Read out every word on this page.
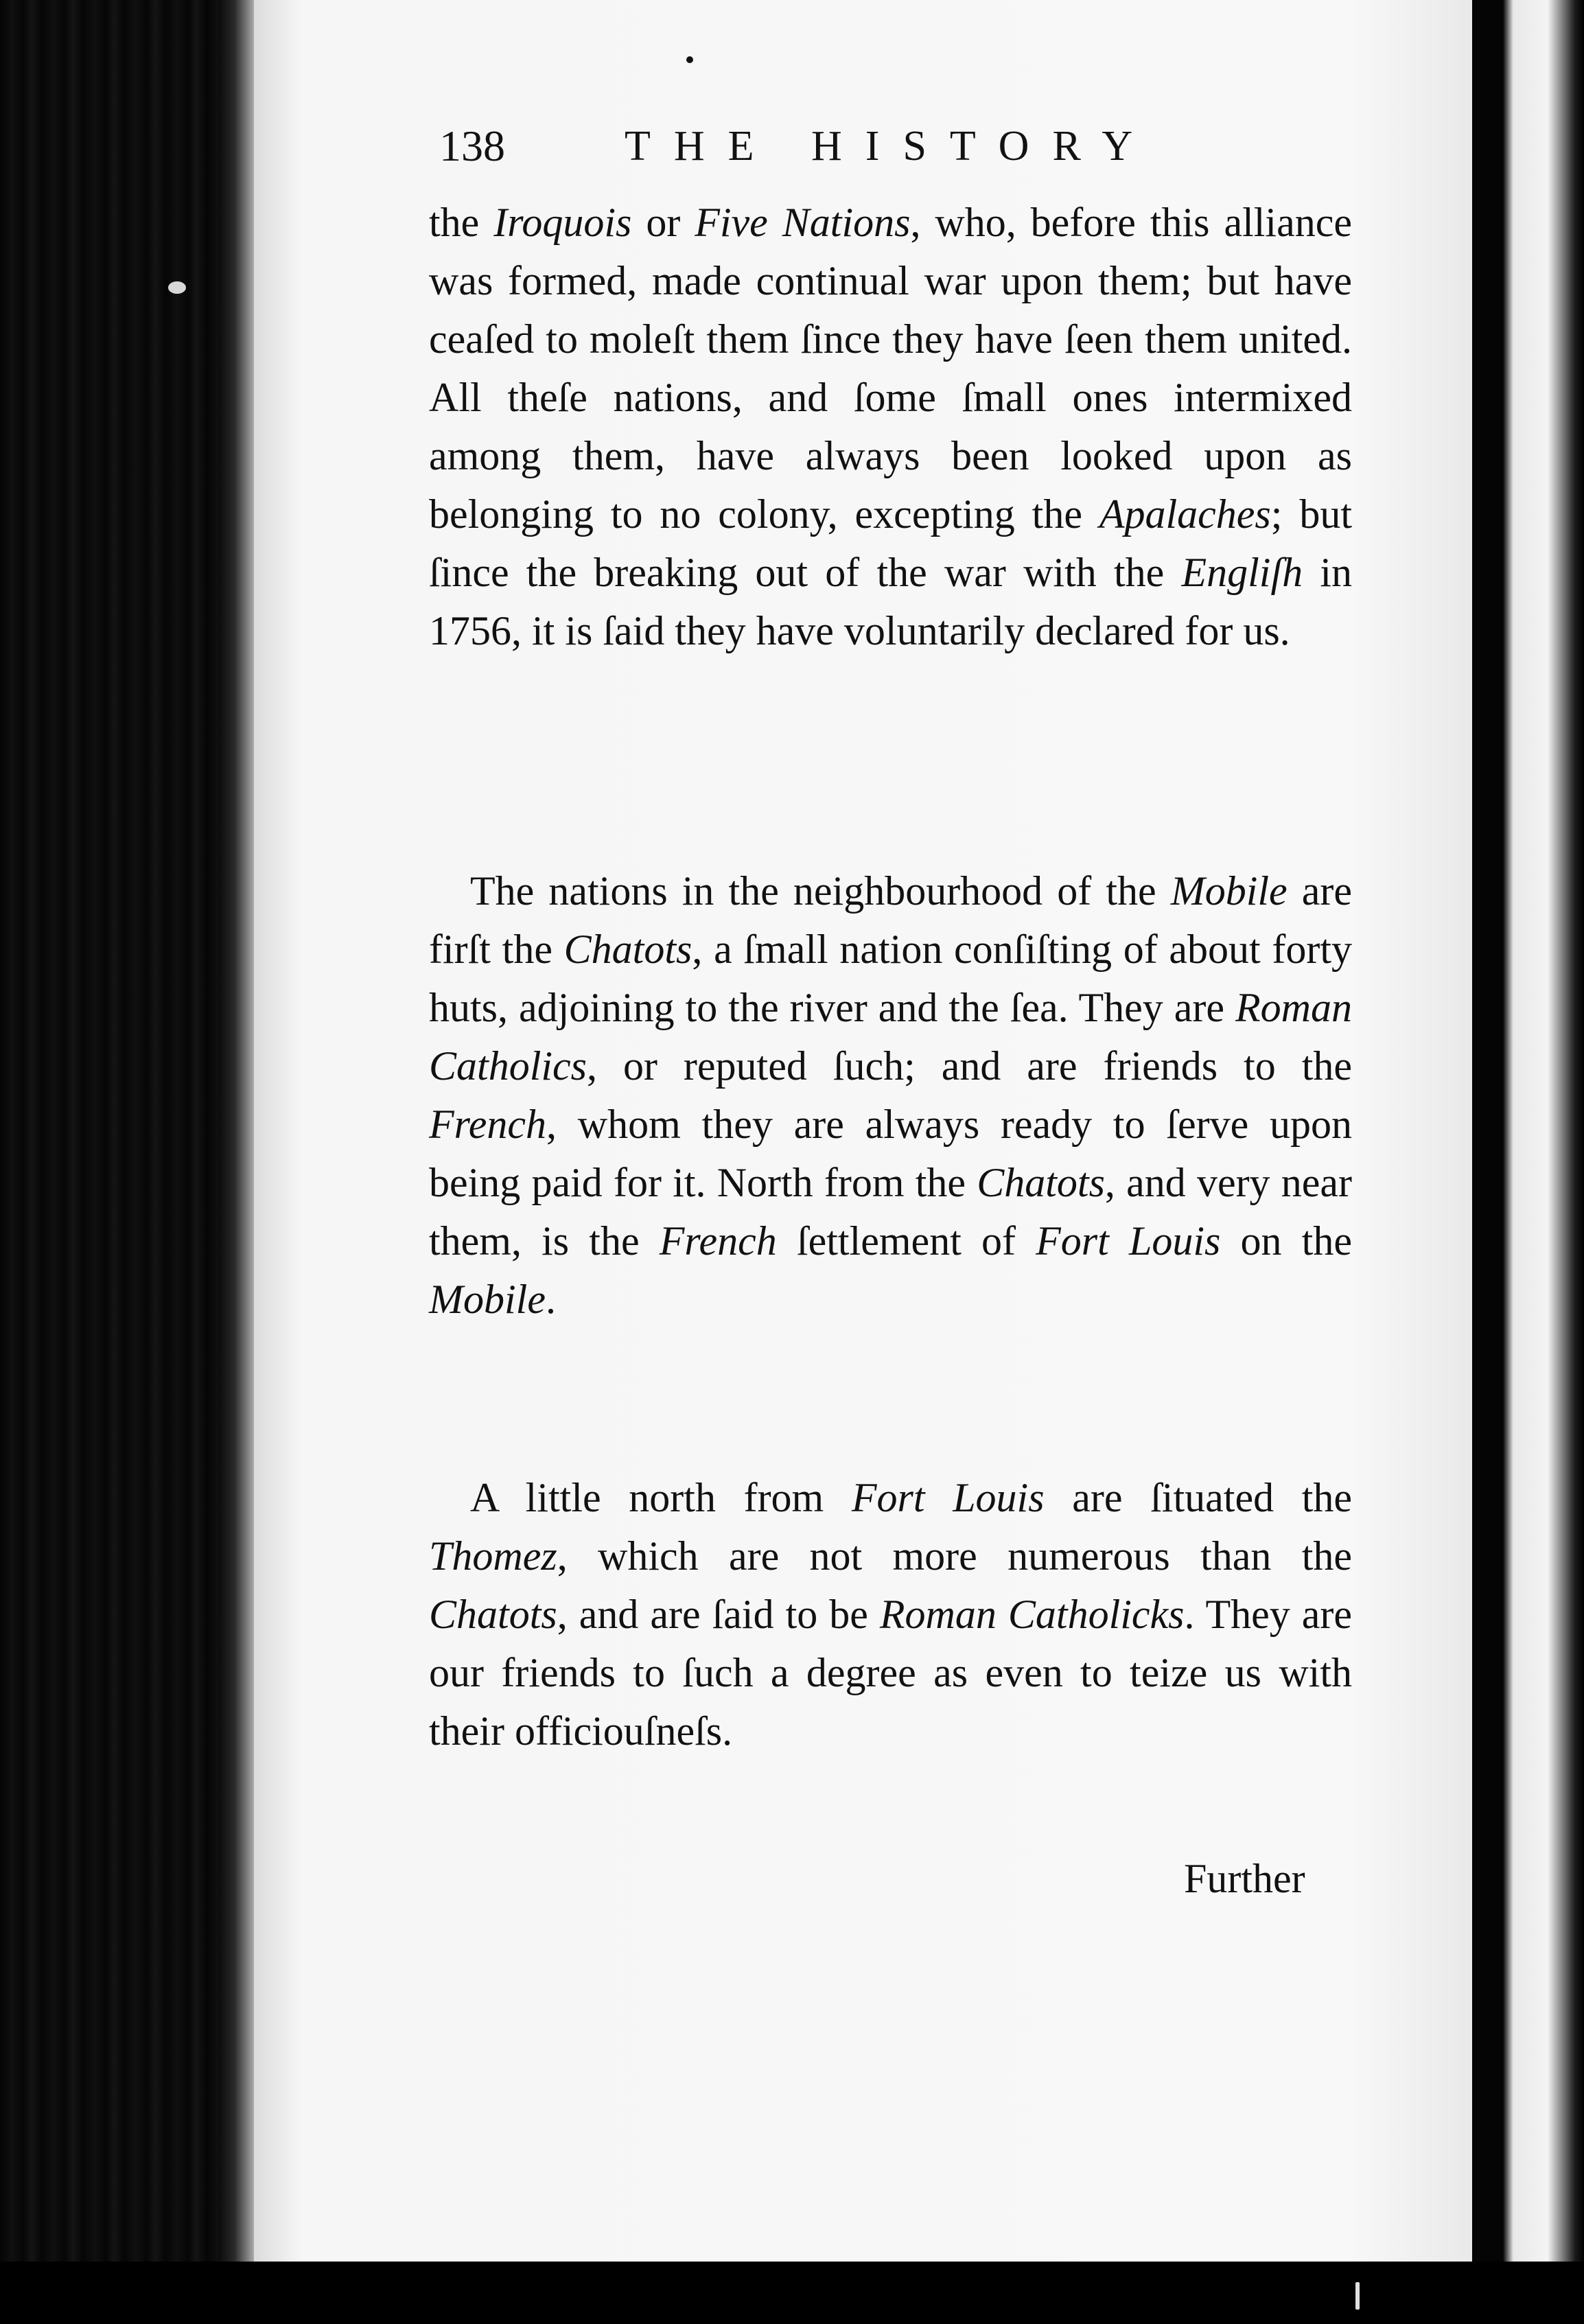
138	THE HISTORY

the Iroquois or Five Nations, who, before this alliance was formed, made continual war upon them; but have ceaſed to moleſt them ſince they have ſeen them united. All theſe nations, and ſome ſmall ones intermixed among them, have always been looked upon as belonging to no colony, excepting the Apalaches; but ſince the breaking out of the war with the Engliſh in 1756, it is ſaid they have voluntarily declared for us.

The nations in the neighbourhood of the Mobile are firſt the Chatots, a ſmall nation conſiſting of about forty huts, adjoining to the river and the ſea. They are Roman Catholics, or reputed ſuch; and are friends to the French, whom they are always ready to ſerve upon being paid for it. North from the Chatots, and very near them, is the French ſettlement of Fort Louis on the Mobile.

A little north from Fort Louis are ſituated the Thomez, which are not more numerous than the Chatots, and are ſaid to be Roman Catholicks. They are our friends to ſuch a degree as even to teize us with their officiouſneſs.

Further
